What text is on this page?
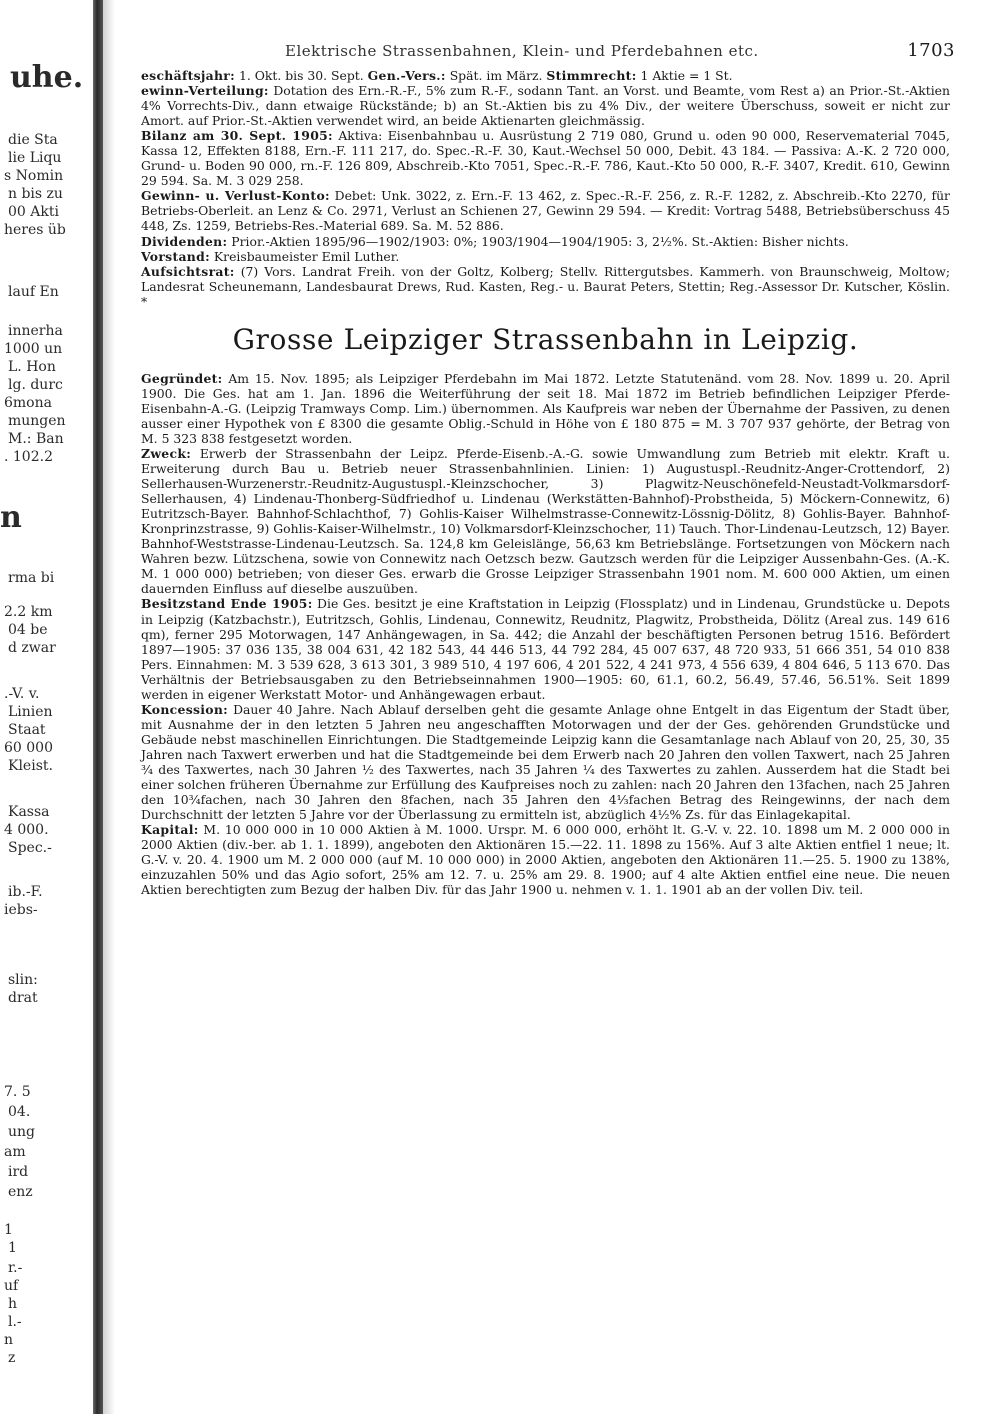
uhe.
die Sta
lie Liqu
s Nomin
n bis zu
00 Akti
heres üb
lauf En
innerha
1000 un
L. Hon
lg. durc
6mona
mungen
M.: Ban
. 102.2
n
rma bi
2.2 km
04 be
d zwar
.-V. v.
Linien
Staat
60 000
Kleist.
Kassa
4 000.
Spec.-
ib.-F.
iebs-
slin:
drat
7. 5
04.
ung
am
ird
enz
1
1
r.-
uf
h
l.-
n
z
Elektrische Strassenbahnen, Klein- und Pferdebahnen etc.	1703

eschäftsjahr: 1. Okt. bis 30. Sept. Gen.-Vers.: Spät. im März. Stimmrecht: 1 Aktie = 1 St.

ewinn-Verteilung: Dotation des Ern.-R.-F., 5% zum R.-F., sodann Tant. an Vorst. und Beamte, vom Rest a) an Prior.-St.-Aktien 4% Vorrechts-Div., dann etwaige Rückstände; b) an St.-Aktien bis zu 4% Div., der weitere Überschuss, soweit er nicht zur Amort. auf Prior.-St.-Aktien verwendet wird, an beide Aktienarten gleichmässig.

Bilanz am 30. Sept. 1905: Aktiva: Eisenbahnbau u. Ausrüstung 2 719 080, Grund u. oden 90 000, Reservematerial 7045, Kassa 12, Effekten 8188, Ern.-F. 111 217, do. Spec.-R.-F. 30, Kaut.-Wechsel 50 000, Debit. 43 184. — Passiva: A.-K. 2 720 000, Grund- u. Boden 90 000, rn.-F. 126 809, Abschreib.-Kto 7051, Spec.-R.-F. 786, Kaut.-Kto 50 000, R.-F. 3407, Kredit. 610, Gewinn 29 594. Sa. M. 3 029 258.

Gewinn- u. Verlust-Konto: Debet: Unk. 3022, z. Ern.-F. 13 462, z. Spec.-R.-F. 256, z. R.-F. 1282, z. Abschreib.-Kto 2270, für Betriebs-Oberleit. an Lenz & Co. 2971, Verlust an Schienen 27, Gewinn 29 594. — Kredit: Vortrag 5488, Betriebsüberschuss 45 448, Zs. 1259, Betriebs-Res.-Material 689. Sa. M. 52 886.

Dividenden: Prior.-Aktien 1895/96—1902/1903: 0%; 1903/1904—1904/1905: 3, 2½%. St.-Aktien: Bisher nichts.

Vorstand: Kreisbaumeister Emil Luther.

Aufsichtsrat: (7) Vors. Landrat Freih. von der Goltz, Kolberg; Stellv. Rittergutsbes. Kammerh. von Braunschweig, Moltow; Landesrat Scheunemann, Landesbaurat Drews, Rud. Kasten, Reg.- u. Baurat Peters, Stettin; Reg.-Assessor Dr. Kutscher, Köslin. *

Grosse Leipziger Strassenbahn in Leipzig.

Gegründet: Am 15. Nov. 1895; als Leipziger Pferdebahn im Mai 1872. Letzte Statutenänd. vom 28. Nov. 1899 u. 20. April 1900. Die Ges. hat am 1. Jan. 1896 die Weiterführung der seit 18. Mai 1872 im Betrieb befindlichen Leipziger Pferde-Eisenbahn-A.-G. (Leipzig Tramways Comp. Lim.) übernommen. Als Kaufpreis war neben der Übernahme der Passiven, zu denen ausser einer Hypothek von £ 8300 die gesamte Oblig.-Schuld in Höhe von £ 180 875 = M. 3 707 937 gehörte, der Betrag von M. 5 323 838 festgesetzt worden.

Zweck: Erwerb der Strassenbahn der Leipz. Pferde-Eisenb.-A.-G. sowie Umwandlung zum Betrieb mit elektr. Kraft u. Erweiterung durch Bau u. Betrieb neuer Strassenbahnlinien. Linien: 1) Augustuspl.-Reudnitz-Anger-Crottendorf, 2) Sellerhausen-Wurzenerstr.-Reudnitz-Augustuspl.-Kleinzschocher, 3) Plagwitz-Neuschönefeld-Neustadt-Volkmarsdorf-Sellerhausen, 4) Lindenau-Thonberg-Südfriedhof u. Lindenau (Werkstätten-Bahnhof)-Probstheida, 5) Möckern-Connewitz, 6) Eutritzsch-Bayer. Bahnhof-Schlachthof, 7) Gohlis-Kaiser Wilhelmstrasse-Connewitz-Lössnig-Dölitz, 8) Gohlis-Bayer. Bahnhof-Kronprinzstrasse, 9) Gohlis-Kaiser-Wilhelmstr., 10) Volkmarsdorf-Kleinzschocher, 11) Tauch. Thor-Lindenau-Leutzsch, 12) Bayer. Bahnhof-Weststrasse-Lindenau-Leutzsch. Sa. 124,8 km Geleislänge, 56,63 km Betriebslänge. Fortsetzungen von Möckern nach Wahren bezw. Lützschena, sowie von Connewitz nach Oetzsch bezw. Gautzsch werden für die Leipziger Aussenbahn-Ges. (A.-K. M. 1 000 000) betrieben; von dieser Ges. erwarb die Grosse Leipziger Strassenbahn 1901 nom. M. 600 000 Aktien, um einen dauernden Einfluss auf dieselbe auszuüben.

Besitzstand Ende 1905: Die Ges. besitzt je eine Kraftstation in Leipzig (Flossplatz) und in Lindenau, Grundstücke u. Depots in Leipzig (Katzbachstr.), Eutritzsch, Gohlis, Lindenau, Connewitz, Reudnitz, Plagwitz, Probstheida, Dölitz (Areal zus. 149 616 qm), ferner 295 Motorwagen, 147 Anhängewagen, in Sa. 442; die Anzahl der beschäftigten Personen betrug 1516. Befördert 1897—1905: 37 036 135, 38 004 631, 42 182 543, 44 446 513, 44 792 284, 45 007 637, 48 720 933, 51 666 351, 54 010 838 Pers. Einnahmen: M. 3 539 628, 3 613 301, 3 989 510, 4 197 606, 4 201 522, 4 241 973, 4 556 639, 4 804 646, 5 113 670. Das Verhältnis der Betriebsausgaben zu den Betriebseinnahmen 1900—1905: 60, 61.1, 60.2, 56.49, 57.46, 56.51%. Seit 1899 werden in eigener Werkstatt Motor- und Anhängewagen erbaut.

Koncession: Dauer 40 Jahre. Nach Ablauf derselben geht die gesamte Anlage ohne Entgelt in das Eigentum der Stadt über, mit Ausnahme der in den letzten 5 Jahren neu angeschafften Motorwagen und der der Ges. gehörenden Grundstücke und Gebäude nebst maschinellen Einrichtungen. Die Stadtgemeinde Leipzig kann die Gesamtanlage nach Ablauf von 20, 25, 30, 35 Jahren nach Taxwert erwerben und hat die Stadtgemeinde bei dem Erwerb nach 20 Jahren den vollen Taxwert, nach 25 Jahren ¾ des Taxwertes, nach 30 Jahren ½ des Taxwertes, nach 35 Jahren ¼ des Taxwertes zu zahlen. Ausserdem hat die Stadt bei einer solchen früheren Übernahme zur Erfüllung des Kaufpreises noch zu zahlen: nach 20 Jahren den 13fachen, nach 25 Jahren den 10¾fachen, nach 30 Jahren den 8fachen, nach 35 Jahren den 4⅓fachen Betrag des Reingewinns, der nach dem Durchschnitt der letzten 5 Jahre vor der Überlassung zu ermitteln ist, abzüglich 4½% Zs. für das Einlagekapital.

Kapital: M. 10 000 000 in 10 000 Aktien à M. 1000. Urspr. M. 6 000 000, erhöht lt. G.-V. v. 22. 10. 1898 um M. 2 000 000 in 2000 Aktien (div.-ber. ab 1. 1. 1899), angeboten den Aktionären 15.—22. 11. 1898 zu 156%. Auf 3 alte Aktien entfiel 1 neue; lt. G.-V. v. 20. 4. 1900 um M. 2 000 000 (auf M. 10 000 000) in 2000 Aktien, angeboten den Aktionären 11.—25. 5. 1900 zu 138%, einzuzahlen 50% und das Agio sofort, 25% am 12. 7. u. 25% am 29. 8. 1900; auf 4 alte Aktien entfiel eine neue. Die neuen Aktien berechtigten zum Bezug der halben Div. für das Jahr 1900 u. nehmen v. 1. 1. 1901 ab an der vollen Div. teil.
